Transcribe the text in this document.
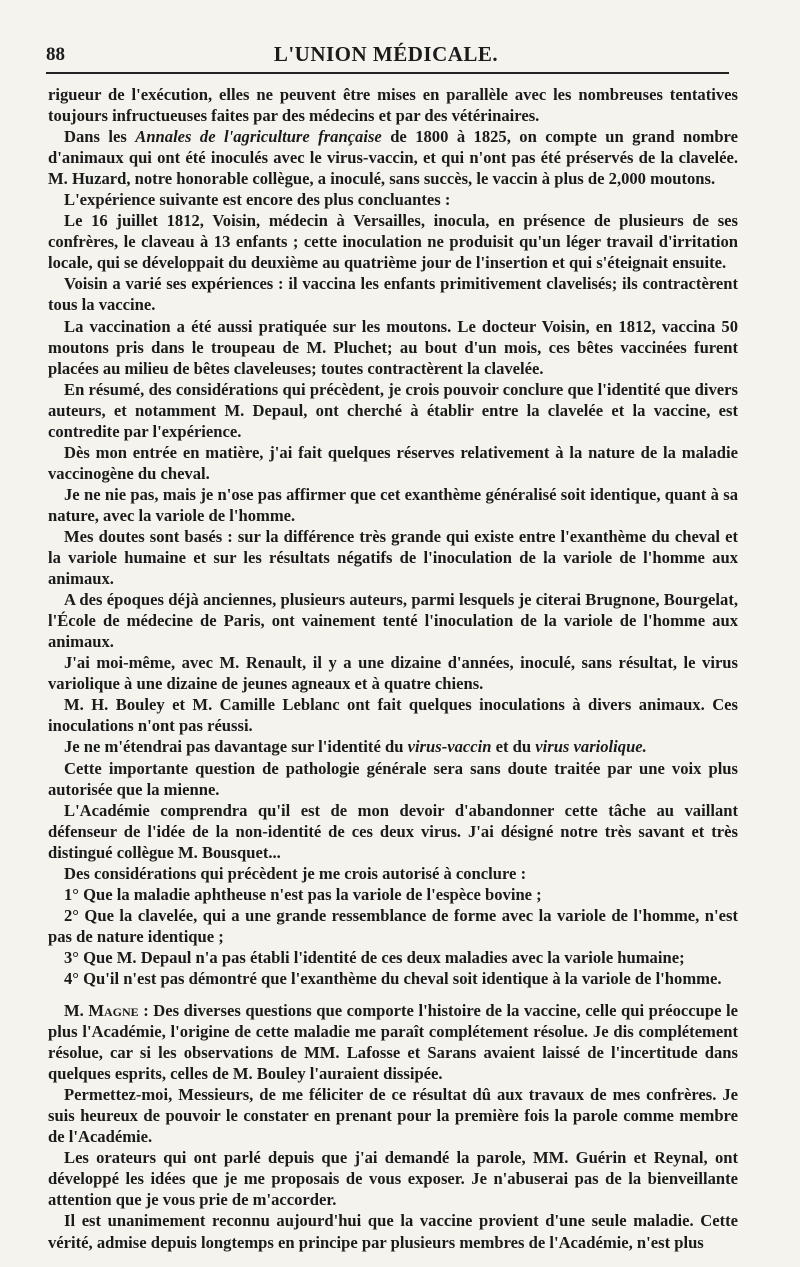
88	L'UNION MÉDICALE.

rigueur de l'exécution, elles ne peuvent être mises en parallèle avec les nombreuses tentatives toujours infructueuses faites par des médecins et par des vétérinaires.

Dans les Annales de l'agriculture française de 1800 à 1825, on compte un grand nombre d'animaux qui ont été inoculés avec le virus-vaccin, et qui n'ont pas été préservés de la clavelée. M. Huzard, notre honorable collègue, a inoculé, sans succès, le vaccin à plus de 2,000 moutons.

L'expérience suivante est encore des plus concluantes :

Le 16 juillet 1812, Voisin, médecin à Versailles, inocula, en présence de plusieurs de ses confrères, le claveau à 13 enfants ; cette inoculation ne produisit qu'un léger travail d'irritation locale, qui se développait du deuxième au quatrième jour de l'insertion et qui s'éteignait ensuite.

Voisin a varié ses expériences : il vaccina les enfants primitivement clavelisés; ils contractèrent tous la vaccine.

La vaccination a été aussi pratiquée sur les moutons. Le docteur Voisin, en 1812, vaccina 50 moutons pris dans le troupeau de M. Pluchet; au bout d'un mois, ces bêtes vaccinées furent placées au milieu de bêtes claveleuses; toutes contractèrent la clavelée.

En résumé, des considérations qui précèdent, je crois pouvoir conclure que l'identité que divers auteurs, et notamment M. Depaul, ont cherché à établir entre la clavelée et la vaccine, est contredite par l'expérience.

Dès mon entrée en matière, j'ai fait quelques réserves relativement à la nature de la maladie vaccinogène du cheval.

Je ne nie pas, mais je n'ose pas affirmer que cet exanthème généralisé soit identique, quant à sa nature, avec la variole de l'homme.

Mes doutes sont basés : sur la différence très grande qui existe entre l'exanthème du cheval et la variole humaine et sur les résultats négatifs de l'inoculation de la variole de l'homme aux animaux.

A des époques déjà anciennes, plusieurs auteurs, parmi lesquels je citerai Brugnone, Bourgelat, l'École de médecine de Paris, ont vainement tenté l'inoculation de la variole de l'homme aux animaux.

J'ai moi-même, avec M. Renault, il y a une dizaine d'années, inoculé, sans résultat, le virus variolique à une dizaine de jeunes agneaux et à quatre chiens.

M. H. Bouley et M. Camille Leblanc ont fait quelques inoculations à divers animaux. Ces inoculations n'ont pas réussi.

Je ne m'étendrai pas davantage sur l'identité du virus-vaccin et du virus variolique.

Cette importante question de pathologie générale sera sans doute traitée par une voix plus autorisée que la mienne.

L'Académie comprendra qu'il est de mon devoir d'abandonner cette tâche au vaillant défenseur de l'idée de la non-identité de ces deux virus. J'ai désigné notre très savant et très distingué collègue M. Bousquet...

Des considérations qui précèdent je me crois autorisé à conclure :

1° Que la maladie aphtheuse n'est pas la variole de l'espèce bovine ;

2° Que la clavelée, qui a une grande ressemblance de forme avec la variole de l'homme, n'est pas de nature identique ;

3° Que M. Depaul n'a pas établi l'identité de ces deux maladies avec la variole humaine;

4° Qu'il n'est pas démontré que l'exanthème du cheval soit identique à la variole de l'homme.

M. Magne : Des diverses questions que comporte l'histoire de la vaccine, celle qui préoccupe le plus l'Académie, l'origine de cette maladie me paraît complétement résolue. Je dis complétement résolue, car si les observations de MM. Lafosse et Sarans avaient laissé de l'incertitude dans quelques esprits, celles de M. Bouley l'auraient dissipée.

Permettez-moi, Messieurs, de me féliciter de ce résultat dû aux travaux de mes confrères. Je suis heureux de pouvoir le constater en prenant pour la première fois la parole comme membre de l'Académie.

Les orateurs qui ont parlé depuis que j'ai demandé la parole, MM. Guérin et Reynal, ont développé les idées que je me proposais de vous exposer. Je n'abuserai pas de la bienveillante attention que je vous prie de m'accorder.

Il est unanimement reconnu aujourd'hui que la vaccine provient d'une seule maladie. Cette vérité, admise depuis longtemps en principe par plusieurs membres de l'Académie, n'est plus
